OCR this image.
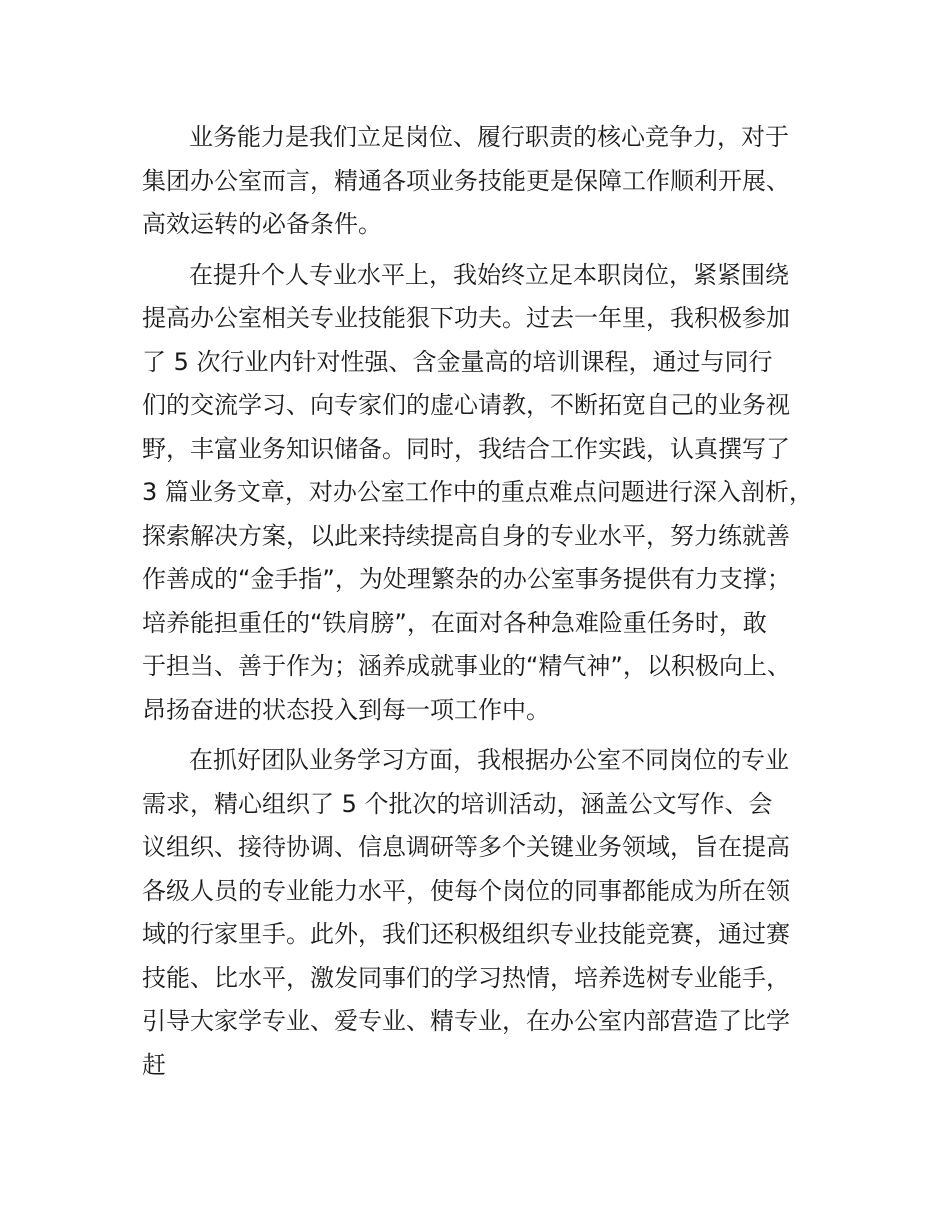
业务能力是我们立足岗位、履行职责的核心竞争力，对于
集团办公室而言，精通各项业务技能更是保障工作顺利开展、
高效运转的必备条件。
在提升个人专业水平上，我始终立足本职岗位，紧紧围绕
提高办公室相关专业技能狠下功夫。过去一年里，我积极参加
了 5 次行业内针对性强、含金量高的培训课程，通过与同行
们的交流学习、向专家们的虚心请教，不断拓宽自己的业务视
野，丰富业务知识储备。同时，我结合工作实践，认真撰写了
3 篇业务文章，对办公室工作中的重点难点问题进行深入剖析，
探索解决方案，以此来持续提高自身的专业水平，努力练就善
作善成的“金手指”，为处理繁杂的办公室事务提供有力支撑；
培养能担重任的“铁肩膀”，在面对各种急难险重任务时，敢
于担当、善于作为；涵养成就事业的“精气神”，以积极向上、
昂扬奋进的状态投入到每一项工作中。
在抓好团队业务学习方面，我根据办公室不同岗位的专业
需求，精心组织了 5 个批次的培训活动，涵盖公文写作、会
议组织、接待协调、信息调研等多个关键业务领域，旨在提高
各级人员的专业能力水平，使每个岗位的同事都能成为所在领
域的行家里手。此外，我们还积极组织专业技能竞赛，通过赛
技能、比水平，激发同事们的学习热情，培养选树专业能手，
引导大家学专业、爱专业、精专业，在办公室内部营造了比学
赶
